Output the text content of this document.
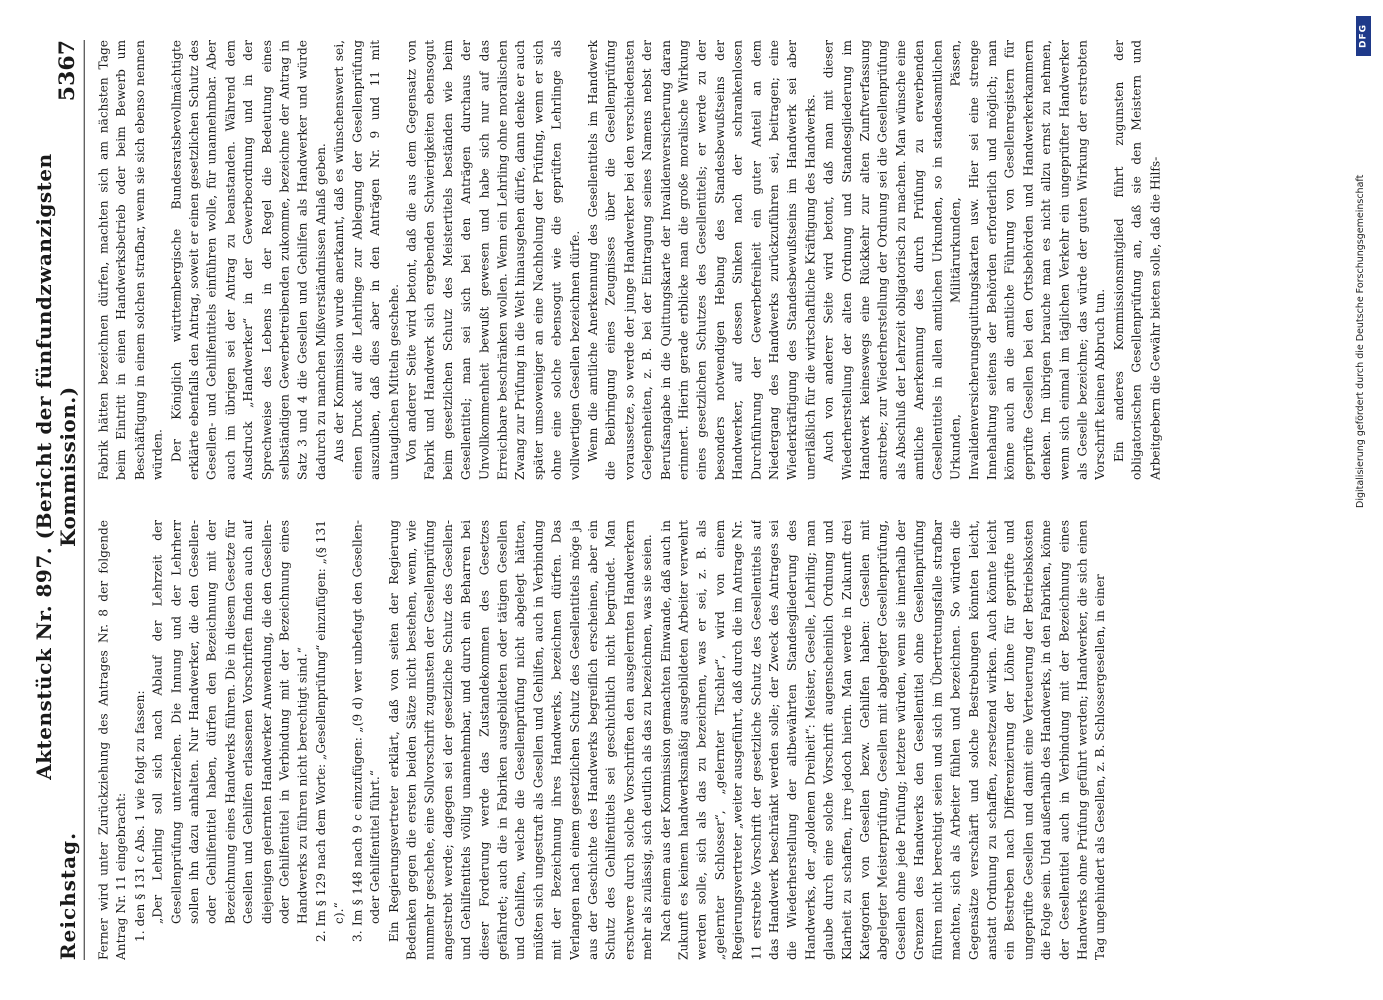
Reichstag.
Aktenstück Nr. 897. (Bericht der fünfundzwanzigsten Kommission.)
5367

Ferner wird unter Zurückziehung des Antrages Nr. 8 der folgende Antrag Nr. 11 eingebracht: 1. den § 131 c Abs. 1 wie folgt zu fassen: „Der Lehrling soll sich nach Ablauf der Lehrzeit der Gesellenprüfung unterziehen. Die Innung und der Lehrherr sollen ihn dazu anhalten. Nur Handwerker, die den Gesellen- oder Gehilfentitel haben, dürfen den Bezeichnung mit der Bezeichnung eines Handwerks führen. Die in diesem Gesetze für Gesellen und Gehilfen erlassenen Vorschriften finden auch auf diejenigen gelernten Handwerker Anwendung, die den Gesellen- oder Gehilfentitel in Verbindung mit der Bezeichnung eines Handwerks zu führen nicht berechtigt sind.“ 2. Im § 129 nach dem Worte: „Gesellenprüfung“ einzufügen: „(§ 131 c).“ 3. Im § 148 nach 9 c einzufügen: „(9 d) wer unbefugt den Gesellen- oder Gehilfentitel führt.“ Ein Regierungsvertreter erklärt, daß von seiten der Regierung Bedenken gegen die ersten beiden Sätze nicht bestehen, wenn, wie nunmehr geschehe, eine Sollvorschrift zugunsten der Gesellenprüfung angestrebt werde; dagegen sei der gesetzliche Schutz des Gesellen- und Gehilfentitels völlig unannehmbar, und durch ein Beharren bei dieser Forderung werde das Zustandekommen des Gesetzes gefährdet; auch die in Fabriken ausgebildeten oder tätigen Gesellen und Gehilfen, welche die Gesellenprüfung nicht abgelegt hätten, müßten sich ungestraft als Gesellen und Gehilfen, auch in Verbindung mit der Bezeichnung ihres Handwerks, bezeichnen dürfen. Das Verlangen nach einem gesetzlichen Schutz des Gesellentitels möge ja aus der Geschichte des Handwerks begreiflich erscheinen, aber ein Schutz des Gehilfentitels sei geschichtlich nicht begründet. Man erschwere durch solche Vorschriften den ausgelernten Handwerkern mehr als zulässig, sich deutlich als das zu bezeichnen, was sie seien. Nach einem aus der Kommission gemachten Einwande, daß auch in Zukunft es keinem handwerksmäßig ausgebildeten Arbeiter verwehrt werden solle, sich als das zu bezeichnen, was er sei, z. B. als „gelernter Schlosser“, „gelernter Tischler“, wird von einem Regierungsvertreter „weiter ausgeführt, daß durch die im Antrage Nr. 11 erstrebte Vorschrift der gesetzliche Schutz des Gesellentitels auf das Handwerk beschränkt werden solle; der Zweck des Antrages sei die Wiederherstellung der altbewährten Standesgliederung des Handwerks, der „goldenen Dreiheit“: Meister, Geselle, Lehrling; man glaube durch eine solche Vorschrift augenscheinlich Ordnung und Klarheit zu schaffen, irre jedoch hierin. Man werde in Zukunft drei Kategorien von Gesellen bezw. Gehilfen haben: Gesellen mit abgelegter Meisterprüfung, Gesellen mit abgelegter Gesellenprüfung, Gesellen ohne jede Prüfung; letztere würden, wenn sie innerhalb der Grenzen des Handwerks den Gesellentitel ohne Gesellenprüfung führen nicht berechtigt seien und sich im Übertretungsfalle strafbar machten, sich als Arbeiter fühlen und bezeichnen. So würden die Gegensätze verschärft und solche Bestrebungen könnten leicht, anstatt Ordnung zu schaffen, zersetzend wirken. Auch könnte leicht ein Bestreben nach Differenzierung der Löhne für geprüfte und ungeprüfte Gesellen und damit eine Verteuerung der Betriebskosten die Folge sein. Und außerhalb des Handwerks, in den Fabriken, könne der Gesellentitel auch in Verbindung mit der Bezeichnung eines Handwerks ohne Prüfung geführt werden; Handwerker, die sich einen Tag ungehindert als Gesellen, z. B. Schlossergesellen, in einer

Fabrik hätten bezeichnen dürfen, machten sich am nächsten Tage beim Eintritt in einen Handwerksbetrieb oder beim Bewerb um Beschäftigung in einem solchen strafbar, wenn sie sich ebenso nennen würden. Der Königlich württembergische Bundesratsbevollmächtigte erklärte ebenfalls den Antrag, soweit er einen gesetzlichen Schutz des Gesellen- und Gehilfentitels einführen wolle, für unannehmbar. Aber auch im übrigen sei der Antrag zu beanstanden. Während dem Ausdruck „Handwerker“ in der Gewerbeordnung und in der Sprechweise des Lebens in der Regel die Bedeutung eines selbständigen Gewerbetreibenden zukomme, bezeichne der Antrag in Satz 3 und 4 die Gesellen und Gehilfen als Handwerker und würde dadurch zu manchen Mißverständnissen Anlaß geben. Aus der Kommission wurde anerkannt, daß es wünschenswert sei, einen Druck auf die Lehrlinge zur Ablegung der Gesellenprüfung auszuüben, daß dies aber in den Anträgen Nr. 9 und 11 mit untauglichen Mitteln geschehe. Von anderer Seite wird betont, daß die aus dem Gegensatz von Fabrik und Handwerk sich ergebenden Schwierigkeiten ebensogut beim gesetzlichen Schutz des Meistertitels beständen wie beim Gesellentitel; man sei sich bei den Anträgen durchaus der Unvollkommenheit bewußt gewesen und habe sich nur auf das Erreichbare beschränken wollen. Wenn ein Lehrling ohne moralischen Zwang zur Prüfung in die Welt hinausgehen dürfe, dann denke er auch später umsoweniger an eine Nachholung der Prüfung, wenn er sich ohne eine solche ebensogut wie die geprüften Lehrlinge als vollwertigen Gesellen bezeichnen dürfe. Wenn die amtliche Anerkennung des Gesellentitels im Handwerk die Beibringung eines Zeugnisses über die Gesellenprüfung voraussetze, so werde der junge Handwerker bei den verschiedensten Gelegenheiten, z. B. bei der Eintragung seines Namens nebst der Berufsangabe in die Quittungskarte der Invalidenversicherung daran erinnert. Hierin gerade erblicke man die große moralische Wirkung eines gesetzlichen Schutzes des Gesellentitels; er werde zu der besonders notwendigen Hebung des Standesbewußtseins der Handwerker, auf dessen Sinken nach der schrankenlosen Durchführung der Gewerbefreiheit ein guter Anteil an dem Niedergang des Handwerks zurückzuführen sei, beitragen; eine Wiederkräftigung des Standesbewußtseins im Handwerk sei aber unerläßlich für die wirtschaftliche Kräftigung des Handwerks. Auch von anderer Seite wird betont, daß man mit dieser Wiederherstellung der alten Ordnung und Standesgliederung im Handwerk keineswegs eine Rückkehr zur alten Zunftverfassung anstrebe; zur Wiederherstellung der Ordnung sei die Gesellenprüfung als Abschluß der Lehrzeit obligatorisch zu machen. Man wünsche eine amtliche Anerkennung des durch Prüfung zu erwerbenden Gesellentitels in allen amtlichen Urkunden, so in standesamtlichen Urkunden, Militärurkunden, Pässen, Invalidenversicherungsquittungskarten usw. Hier sei eine strenge Innehaltung seitens der Behörden erforderlich und möglich; man könne auch an die amtliche Führung von Gesellenregistern für geprüfte Gesellen bei den Ortsbehörden und Handwerkerkammern denken. Im übrigen brauche man es nicht allzu ernst zu nehmen, wenn sich einmal im täglichen Verkehr ein ungeprüfter Handwerker als Geselle bezeichne; das würde der guten Wirkung der erstrebten Vorschrift keinen Abbruch tun. Ein anderes Kommissionsmitglied führt zugunsten der obligatorischen Gesellenprüfung an, daß sie den Meistern und Arbeitgebern die Gewähr bieten solle, daß die Hilfs-

DFG
Digitalisierung gefördert durch die Deutsche Forschungsgemeinschaft
